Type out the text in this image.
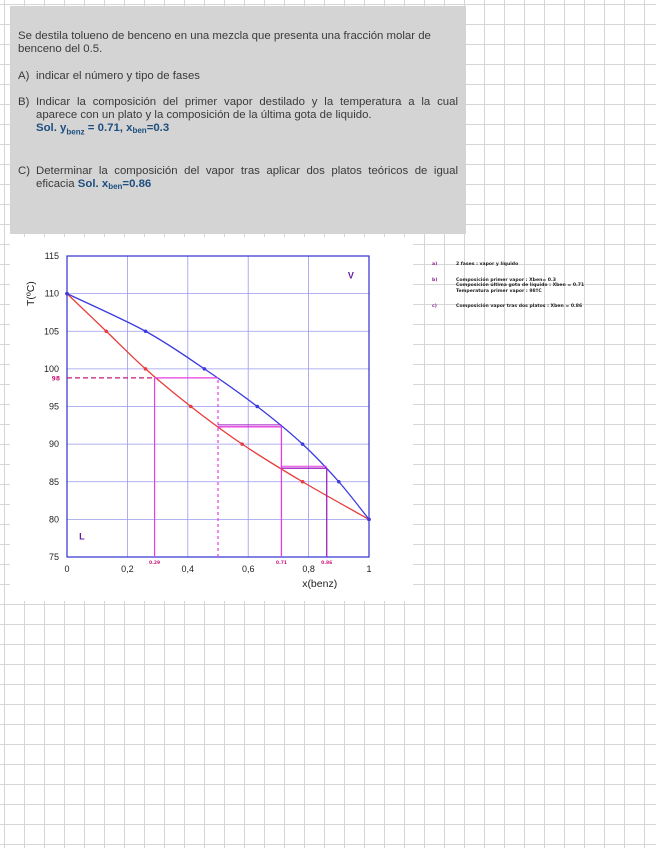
Se destila tolueno de benceno en una mezcla que presenta una fracción molar de benceno del 0.5.

A) indicar el número y tipo de fases
B) Indicar la composición del primer vapor destilado y la temperatura a la cual aparece con un plato y la composición de la última gota de liquido.
Sol. $y_{benz} = 0.71$, $x_{ben}=0.3$
C) Determinar la composición del vapor tras aplicar dos platos teóricos de igual eficacia Sol. $x_{ben}=0.86$
0	0,2	0,4	0,6	0,8	1
75
80
85
90
95
100
105
110
115
x(benz)
T(ºC)
V
L
98
0.29	0.71	0.86
a)	2 fases : vapor y líquido
b)	Composición primer vapor : Xben= 0.3
Composición última gota de líquido : Xben = 0.71
Temperatura primer vapor : 98ºC
c)	Composición vapor tras dos platos : Xben = 0.86
